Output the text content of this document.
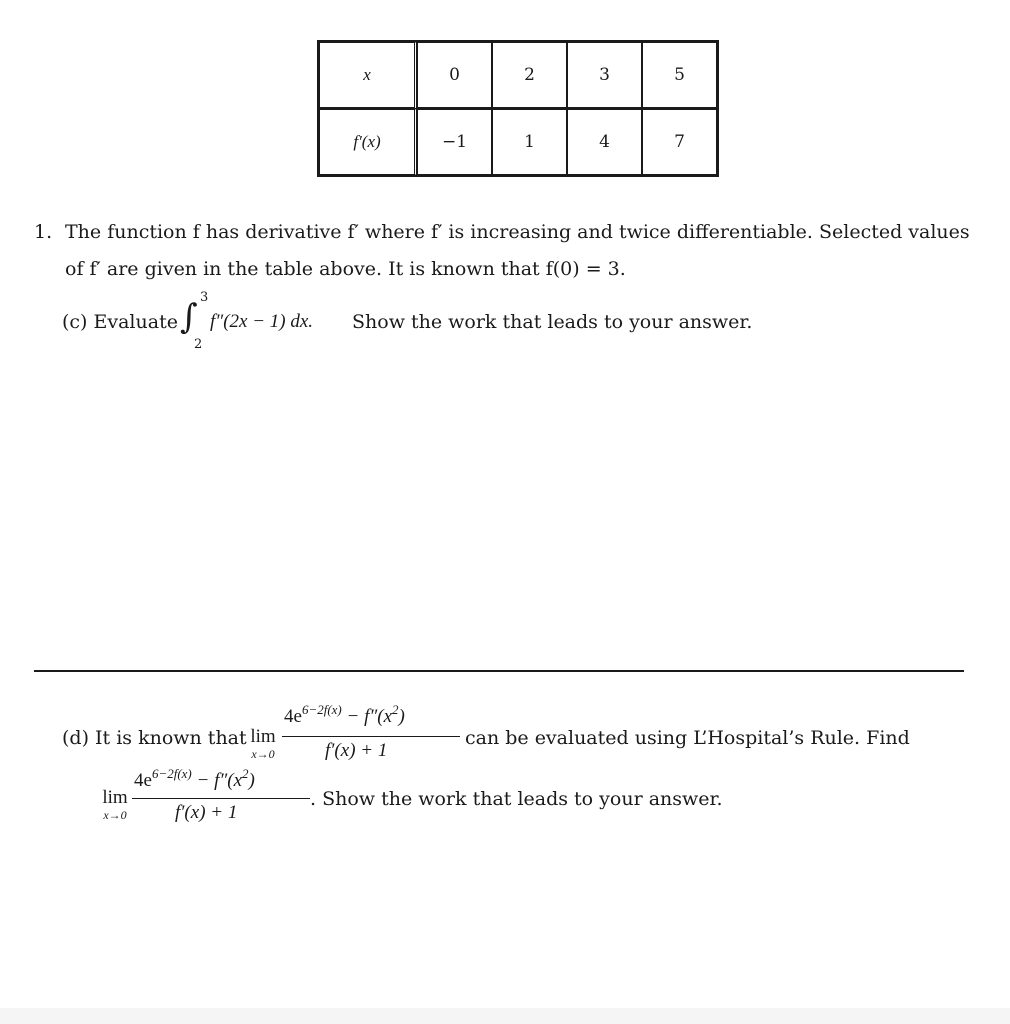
x	0	2	3	5
f′(x)	−1	1	4	7
1. The function f has derivative f′ where f′ is increasing and twice differentiable. Selected values
of f′ are given in the table above. It is known that f(0) = 3.
(c) Evaluate ∫ 3
2
f″(2x − 1) dx. Show the work that leads to your answer.
(d) It is known that lim
x→0
$4e^{6-2f(x)} - f''(x^2)$
f′(x) + 1
can be evaluated using L’Hospital’s Rule. Find
lim
x→0
$4e^{6-2f(x)} - f''(x^2)$
f′(x) + 1
. Show the work that leads to your answer.
